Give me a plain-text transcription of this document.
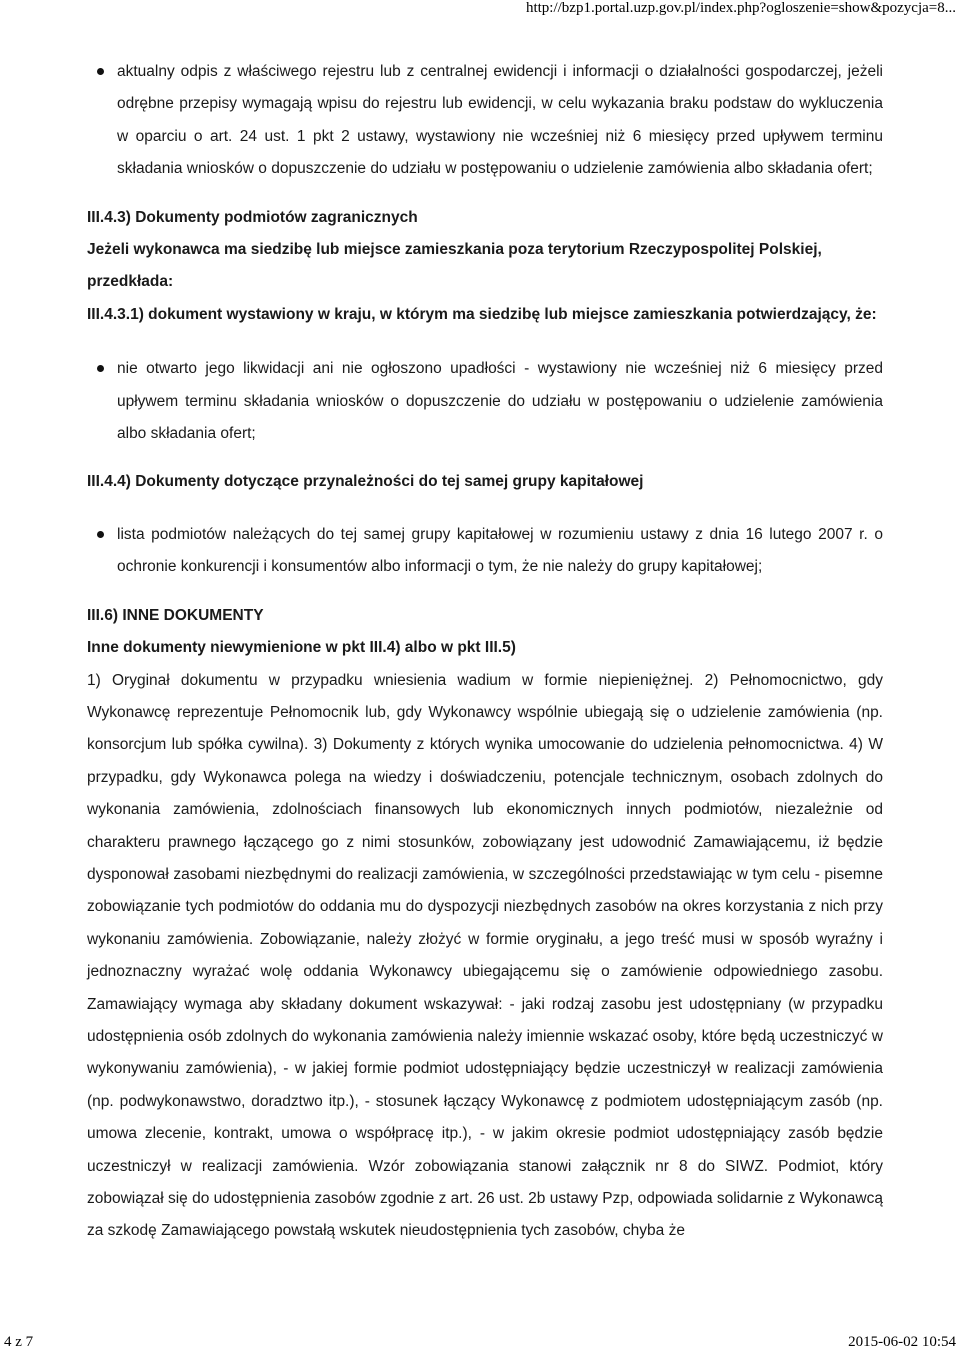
http://bzp1.portal.uzp.gov.pl/index.php?ogloszenie=show&pozycja=8...
aktualny odpis z właściwego rejestru lub z centralnej ewidencji i informacji o działalności gospodarczej, jeżeli odrębne przepisy wymagają wpisu do rejestru lub ewidencji, w celu wykazania braku podstaw do wykluczenia w oparciu o art. 24 ust. 1 pkt 2 ustawy, wystawiony nie wcześniej niż 6 miesięcy przed upływem terminu składania wniosków o dopuszczenie do udziału w postępowaniu o udzielenie zamówienia albo składania ofert;
III.4.3) Dokumenty podmiotów zagranicznych
Jeżeli wykonawca ma siedzibę lub miejsce zamieszkania poza terytorium Rzeczypospolitej Polskiej, przedkłada:
III.4.3.1) dokument wystawiony w kraju, w którym ma siedzibę lub miejsce zamieszkania potwierdzający, że:
nie otwarto jego likwidacji ani nie ogłoszono upadłości - wystawiony nie wcześniej niż 6 miesięcy przed upływem terminu składania wniosków o dopuszczenie do udziału w postępowaniu o udzielenie zamówienia albo składania ofert;
III.4.4) Dokumenty dotyczące przynależności do tej samej grupy kapitałowej
lista podmiotów należących do tej samej grupy kapitałowej w rozumieniu ustawy z dnia 16 lutego 2007 r. o ochronie konkurencji i konsumentów albo informacji o tym, że nie należy do grupy kapitałowej;
III.6) INNE DOKUMENTY
Inne dokumenty niewymienione w pkt III.4) albo w pkt III.5)
1) Oryginał dokumentu w przypadku wniesienia wadium w formie niepieniężnej. 2) Pełnomocnictwo, gdy Wykonawcę reprezentuje Pełnomocnik lub, gdy Wykonawcy wspólnie ubiegają się o udzielenie zamówienia (np. konsorcjum lub spółka cywilna). 3) Dokumenty z których wynika umocowanie do udzielenia pełnomocnictwa. 4) W przypadku, gdy Wykonawca polega na wiedzy i doświadczeniu, potencjale technicznym, osobach zdolnych do wykonania zamówienia, zdolnościach finansowych lub ekonomicznych innych podmiotów, niezależnie od charakteru prawnego łączącego go z nimi stosunków, zobowiązany jest udowodnić Zamawiającemu, iż będzie dysponował zasobami niezbędnymi do realizacji zamówienia, w szczególności przedstawiając w tym celu - pisemne zobowiązanie tych podmiotów do oddania mu do dyspozycji niezbędnych zasobów na okres korzystania z nich przy wykonaniu zamówienia. Zobowiązanie, należy złożyć w formie oryginału, a jego treść musi w sposób wyraźny i jednoznaczny wyrażać wolę oddania Wykonawcy ubiegającemu się o zamówienie odpowiedniego zasobu. Zamawiający wymaga aby składany dokument wskazywał: - jaki rodzaj zasobu jest udostępniany (w przypadku udostępnienia osób zdolnych do wykonania zamówienia należy imiennie wskazać osoby, które będą uczestniczyć w wykonywaniu zamówienia), - w jakiej formie podmiot udostępniający będzie uczestniczył w realizacji zamówienia (np. podwykonawstwo, doradztwo itp.), - stosunek łączący Wykonawcę z podmiotem udostępniającym zasób (np. umowa zlecenie, kontrakt, umowa o współpracę itp.), - w jakim okresie podmiot udostępniający zasób będzie uczestniczył w realizacji zamówienia. Wzór zobowiązania stanowi załącznik nr 8 do SIWZ. Podmiot, który zobowiązał się do udostępnienia zasobów zgodnie z art. 26 ust. 2b ustawy Pzp, odpowiada solidarnie z Wykonawcą za szkodę Zamawiającego powstałą wskutek nieudostępnienia tych zasobów, chyba że
4 z 7	2015-06-02 10:54
